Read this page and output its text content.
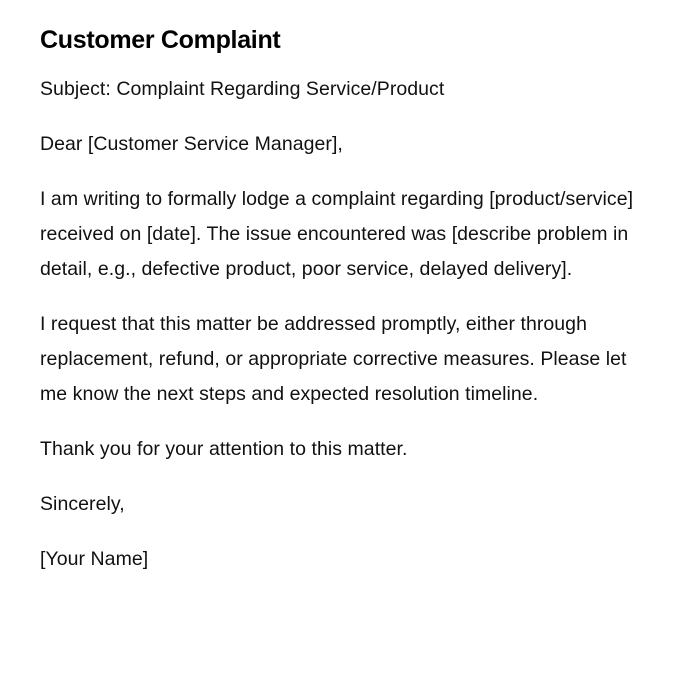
Customer Complaint

Subject: Complaint Regarding Service/Product

Dear [Customer Service Manager],

I am writing to formally lodge a complaint regarding [product/service] received on [date]. The issue encountered was [describe problem in detail, e.g., defective product, poor service, delayed delivery].

I request that this matter be addressed promptly, either through replacement, refund, or appropriate corrective measures. Please let me know the next steps and expected resolution timeline.

Thank you for your attention to this matter.

Sincerely,

[Your Name]
